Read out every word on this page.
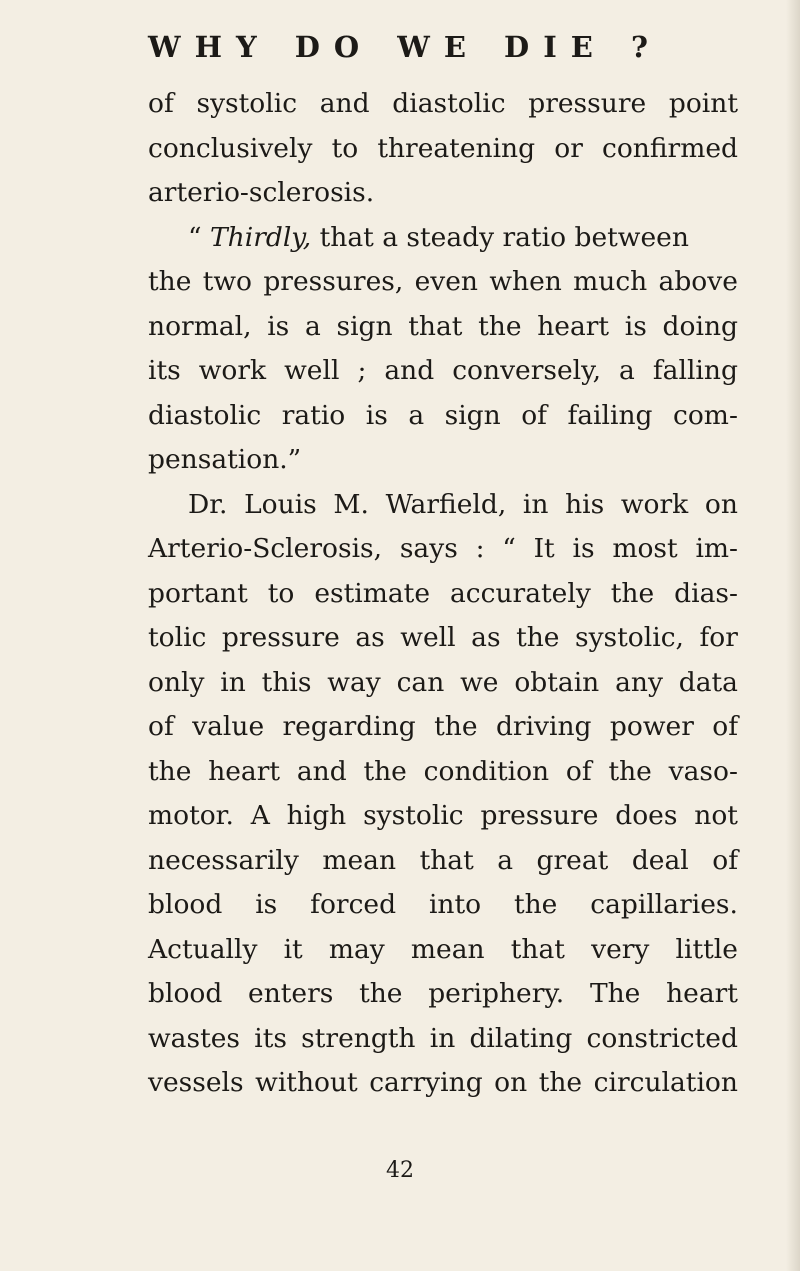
WHY DO WE DIE ?
of systolic and diastolic pressure point
conclusively to threatening or confirmed
arterio-sclerosis.
“ Thirdly, that a steady ratio between
the two pressures, even when much above
normal, is a sign that the heart is doing
its work well ; and conversely, a falling
diastolic ratio is a sign of failing com-
pensation.”
Dr. Louis M. Warfield, in his work on
Arterio-Sclerosis, says : “ It is most im-
portant to estimate accurately the dias-
tolic pressure as well as the systolic, for
only in this way can we obtain any data
of value regarding the driving power of
the heart and the condition of the vaso-
motor. A high systolic pressure does not
necessarily mean that a great deal of
blood is forced into the capillaries.
Actually it may mean that very little
blood enters the periphery. The heart
wastes its strength in dilating constricted
vessels without carrying on the circulation
42
